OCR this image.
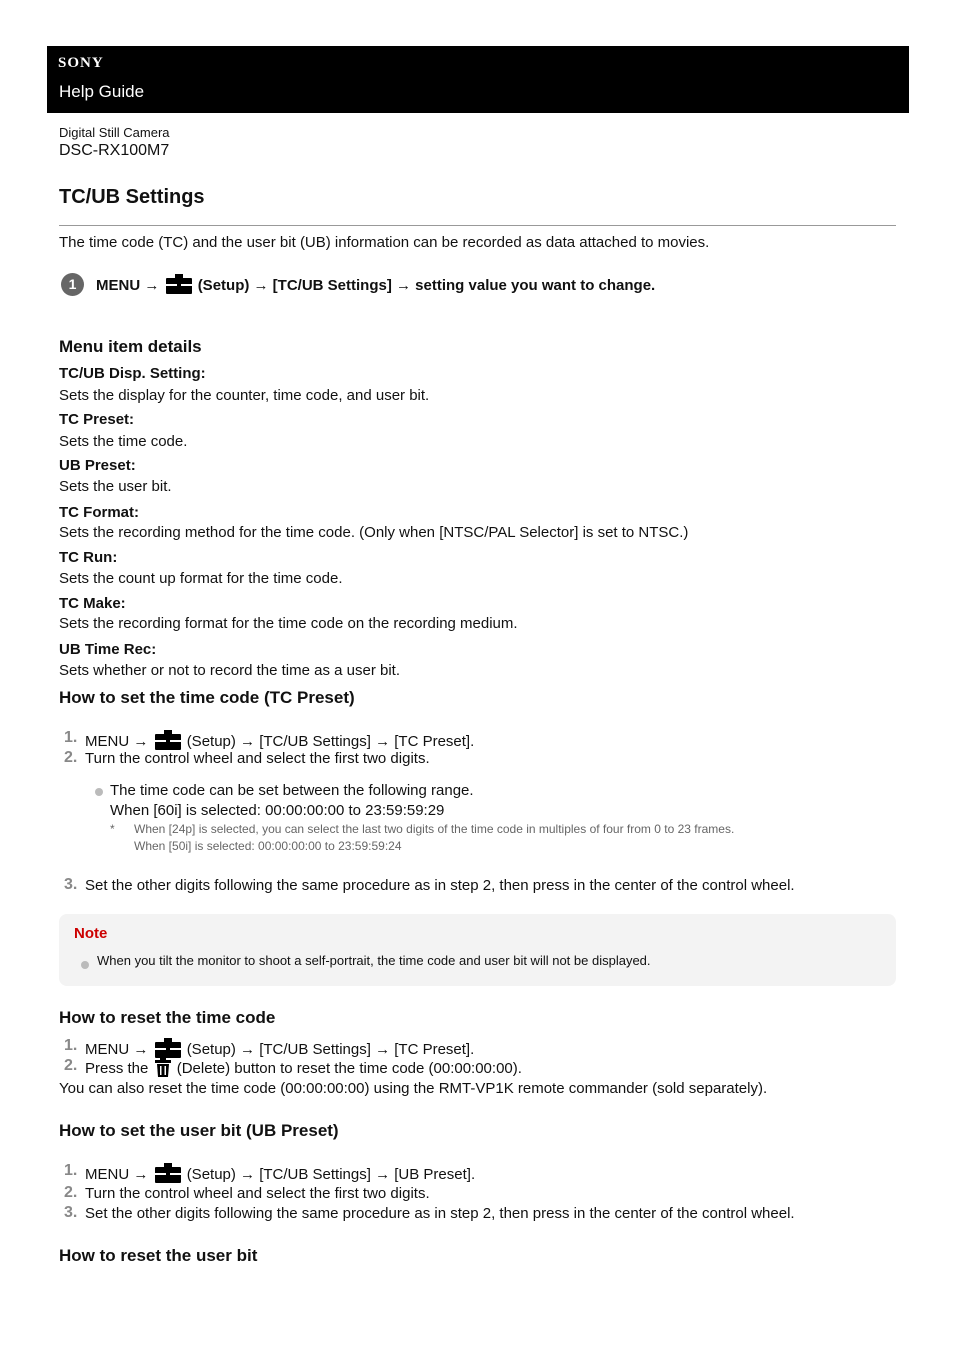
SONY
Help Guide
Digital Still Camera
DSC-RX100M7
TC/UB Settings
The time code (TC) and the user bit (UB) information can be recorded as data attached to movies.
1	MENU →	(Setup) → [TC/UB Settings] → setting value you want to change.
Menu item details
TC/UB Disp. Setting:
Sets the display for the counter, time code, and user bit.
TC Preset:
Sets the time code.
UB Preset:
Sets the user bit.
TC Format:
Sets the recording method for the time code. (Only when [NTSC/PAL Selector] is set to NTSC.)
TC Run:
Sets the count up format for the time code.
TC Make:
Sets the recording format for the time code on the recording medium.
UB Time Rec:
Sets whether or not to record the time as a user bit.
How to set the time code (TC Preset)
1. MENU →	(Setup) → [TC/UB Settings] → [TC Preset].
2. Turn the control wheel and select the first two digits.
The time code can be set between the following range.
When [60i] is selected: 00:00:00:00 to 23:59:59:29
* When [24p] is selected, you can select the last two digits of the time code in multiples of four from 0 to 23 frames.
When [50i] is selected: 00:00:00:00 to 23:59:59:24
3. Set the other digits following the same procedure as in step 2, then press in the center of the control wheel.
Note
When you tilt the monitor to shoot a self-portrait, the time code and user bit will not be displayed.
How to reset the time code
1. MENU →	(Setup) → [TC/UB Settings] → [TC Preset].
2. Press the (Delete) button to reset the time code (00:00:00:00).
You can also reset the time code (00:00:00:00) using the RMT-VP1K remote commander (sold separately).
How to set the user bit (UB Preset)
1. MENU →	(Setup) → [TC/UB Settings] → [UB Preset].
2. Turn the control wheel and select the first two digits.
3. Set the other digits following the same procedure as in step 2, then press in the center of the control wheel.
How to reset the user bit
